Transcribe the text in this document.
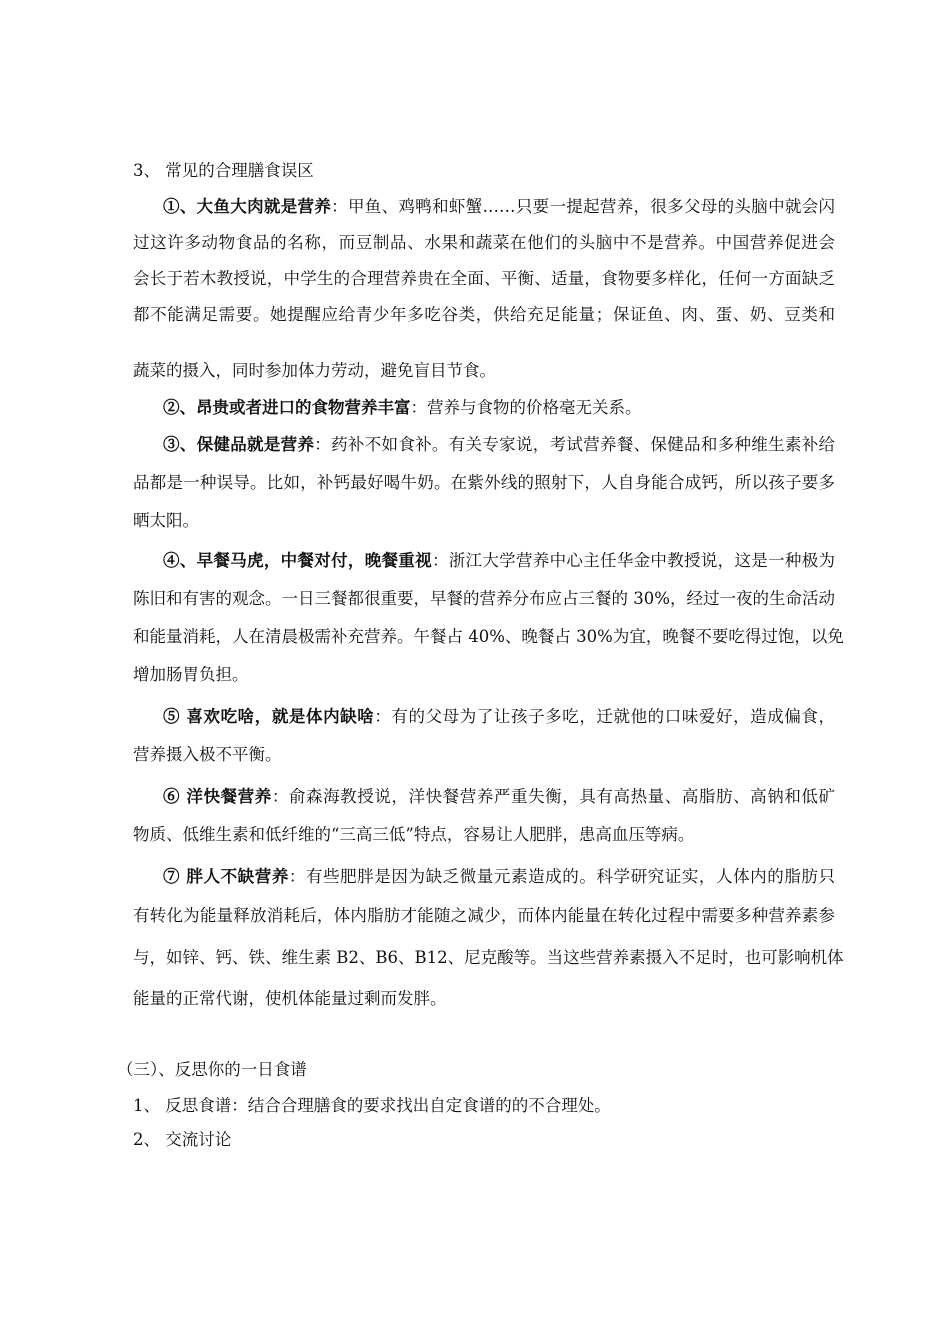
3、 常见的合理膳食误区
①、大鱼大肉就是营养：甲鱼、鸡鸭和虾蟹……只要一提起营养，很多父母的头脑中就会闪
过这许多动物食品的名称，而豆制品、水果和蔬菜在他们的头脑中不是营养。中国营养促进会
会长于若木教授说，中学生的合理营养贵在全面、平衡、适量，食物要多样化，任何一方面缺乏
都不能满足需要。她提醒应给青少年多吃谷类，供给充足能量；保证鱼、肉、蛋、奶、豆类和
蔬菜的摄入，同时参加体力劳动，避免盲目节食。
②、昂贵或者进口的食物营养丰富：营养与食物的价格毫无关系。
③、保健品就是营养：药补不如食补。有关专家说，考试营养餐、保健品和多种维生素补给
品都是一种误导。比如，补钙最好喝牛奶。在紫外线的照射下，人自身能合成钙，所以孩子要多
晒太阳。
④、早餐马虎，中餐对付，晚餐重视：浙江大学营养中心主任华金中教授说，这是一种极为
陈旧和有害的观念。一日三餐都很重要，早餐的营养分布应占三餐的 30%，经过一夜的生命活动
和能量消耗，人在清晨极需补充营养。午餐占 40%、晚餐占 30%为宜，晚餐不要吃得过饱，以免
增加肠胃负担。
⑤ 喜欢吃啥，就是体内缺啥：有的父母为了让孩子多吃，迁就他的口味爱好，造成偏食，
营养摄入极不平衡。
⑥ 洋快餐营养：俞森海教授说，洋快餐营养严重失衡，具有高热量、高脂肪、高钠和低矿
物质、低维生素和低纤维的“三高三低”特点，容易让人肥胖，患高血压等病。
⑦ 胖人不缺营养：有些肥胖是因为缺乏微量元素造成的。科学研究证实，人体内的脂肪只
有转化为能量释放消耗后，体内脂肪才能随之减少，而体内能量在转化过程中需要多种营养素参
与，如锌、钙、铁、维生素 B2、B6、B12、尼克酸等。当这些营养素摄入不足时，也可影响机体
能量的正常代谢，使机体能量过剩而发胖。
（三）、反思你的一日食谱
1、 反思食谱：结合合理膳食的要求找出自定食谱的的不合理处。
2、 交流讨论
